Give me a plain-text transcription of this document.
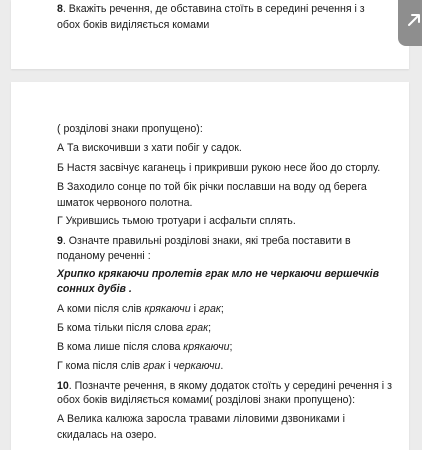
8. Вкажіть речення, де обставина стоїть в середині речення і з обох боків виділяється комами

( розділові знаки пропущено):

А Та вискочивши з хати побіг у садок.

Б Настя засвічує каганець і прикривши рукою несе йоо до сторлу.

В Заходило сонце по той бік річки пославши на воду од берега

шматок червоного полотна.

Г Укрившись тьмою тротуари і асфальти сплять.

9. Означте правильні розділові знаки, які треба поставити в

поданому реченні :

Хрипко крякаючи пролетів грак мло не черкаючи вершечків

сонних дубів .

А коми після слів крякаючи і грак;

Б кома тільки після слова грак;

В кома лише після слова крякаючи;

Г кома після слів грак і черкаючи.

10. Позначте речення, в якому додаток стоїть у середині речення і з

обох боків виділяється комами( розділові знаки пропущено):

А Велика калюжа заросла травами ліловими дзвониками і

скидалась на озеро.
